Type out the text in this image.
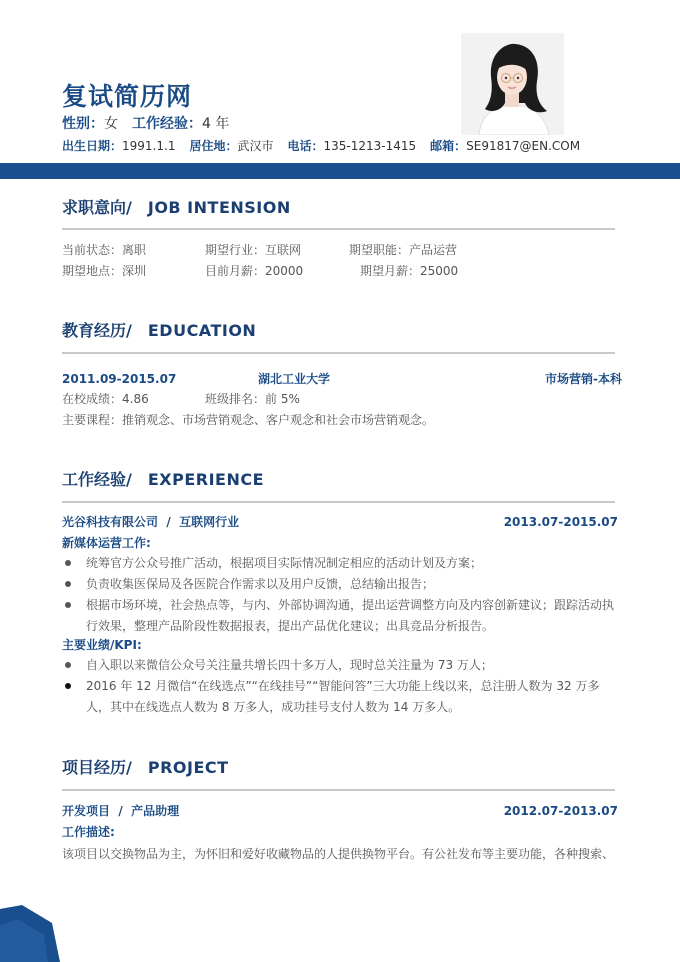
复试简历网
性别：女 工作经验：4 年
出生日期：1991.1.1 居住地：武汉市 电话：135-1213-1415 邮箱：SE91817@EN.COM
求职意向/ JOB INTENSION
当前状态：离职	期望行业：互联网	期望职能：产品运营
期望地点：深圳	目前月薪：20000	期望月薪：25000
教育经历/ EDUCATION
2011.09-2015.07	湖北工业大学	市场营销-本科
在校成绩：4.86	班级排名：前 5%
主要课程：推销观念、市场营销观念、客户观念和社会市场营销观念。
工作经验/ EXPERIENCE
光谷科技有限公司  /  互联网行业	2013.07-2015.07
新媒体运营工作:
统筹官方公众号推广活动，根据项目实际情况制定相应的活动计划及方案；
负责收集医保局及各医院合作需求以及用户反馈，总结输出报告；
根据市场环境，社会热点等，与内、外部协调沟通，提出运营调整方向及内容创新建议；跟踪活动执行效果，整理产品阶段性数据报表，提出产品优化建议；出具竞品分析报告。
主要业绩/KPI:
自入职以来微信公众号关注量共增长四十多万人，现时总关注量为 73 万人；
2016 年 12 月微信“在线选点”“在线挂号”“智能问答”三大功能上线以来，总注册人数为 32 万多人，其中在线选点人数为 8 万多人，成功挂号支付人数为 14 万多人。
项目经历/ PROJECT
开发项目  /  产品助理	2012.07-2013.07
工作描述:
该项目以交换物品为主，为怀旧和爱好收藏物品的人提供换物平台。有公社发布等主要功能，各种搜索、
